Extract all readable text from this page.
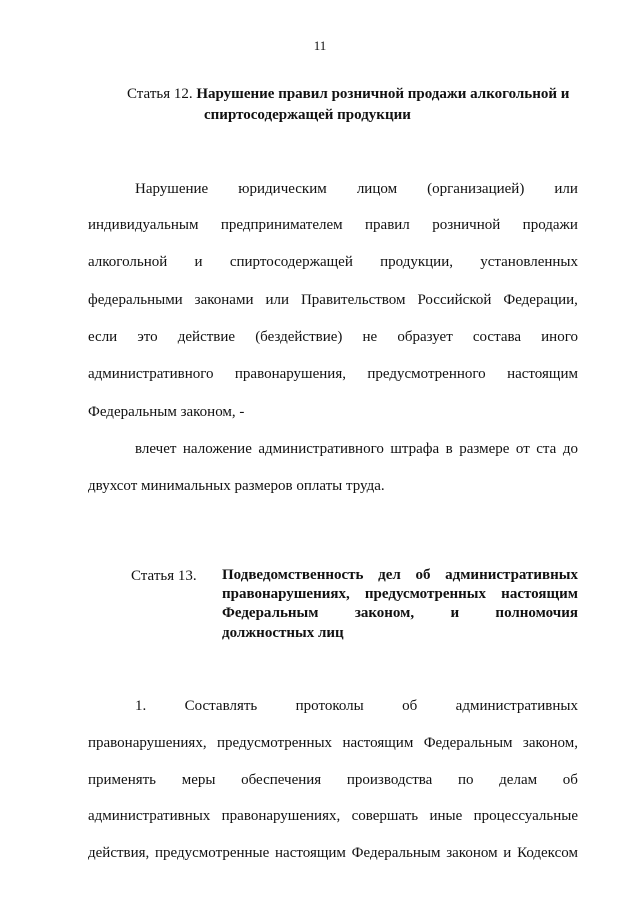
11
Статья 12. Нарушение правил розничной продажи алкогольной и
спиртосодержащей продукции
Нарушение юридическим лицом (организацией) или
индивидуальным предпринимателем правил розничной продажи
алкогольной и спиртосодержащей продукции, установленных
федеральными законами или Правительством Российской Федерации,
если это действие (бездействие) не образует состава иного
административного правонарушения, предусмотренного настоящим
Федеральным законом, -
влечет наложение административного штрафа в размере от ста до
двухсот минимальных размеров оплаты труда.
Статья 13. Подведомственность дел об административных
правонарушениях, предусмотренных настоящим
Федеральным законом, и полномочия
должностных лиц
1.	Составлять	протоколы	об	административных
правонарушениях, предусмотренных настоящим Федеральным законом,
применять меры обеспечения производства по делам об
административных правонарушениях, совершать иные процессуальные
действия, предусмотренные настоящим Федеральным законом и Кодексом
